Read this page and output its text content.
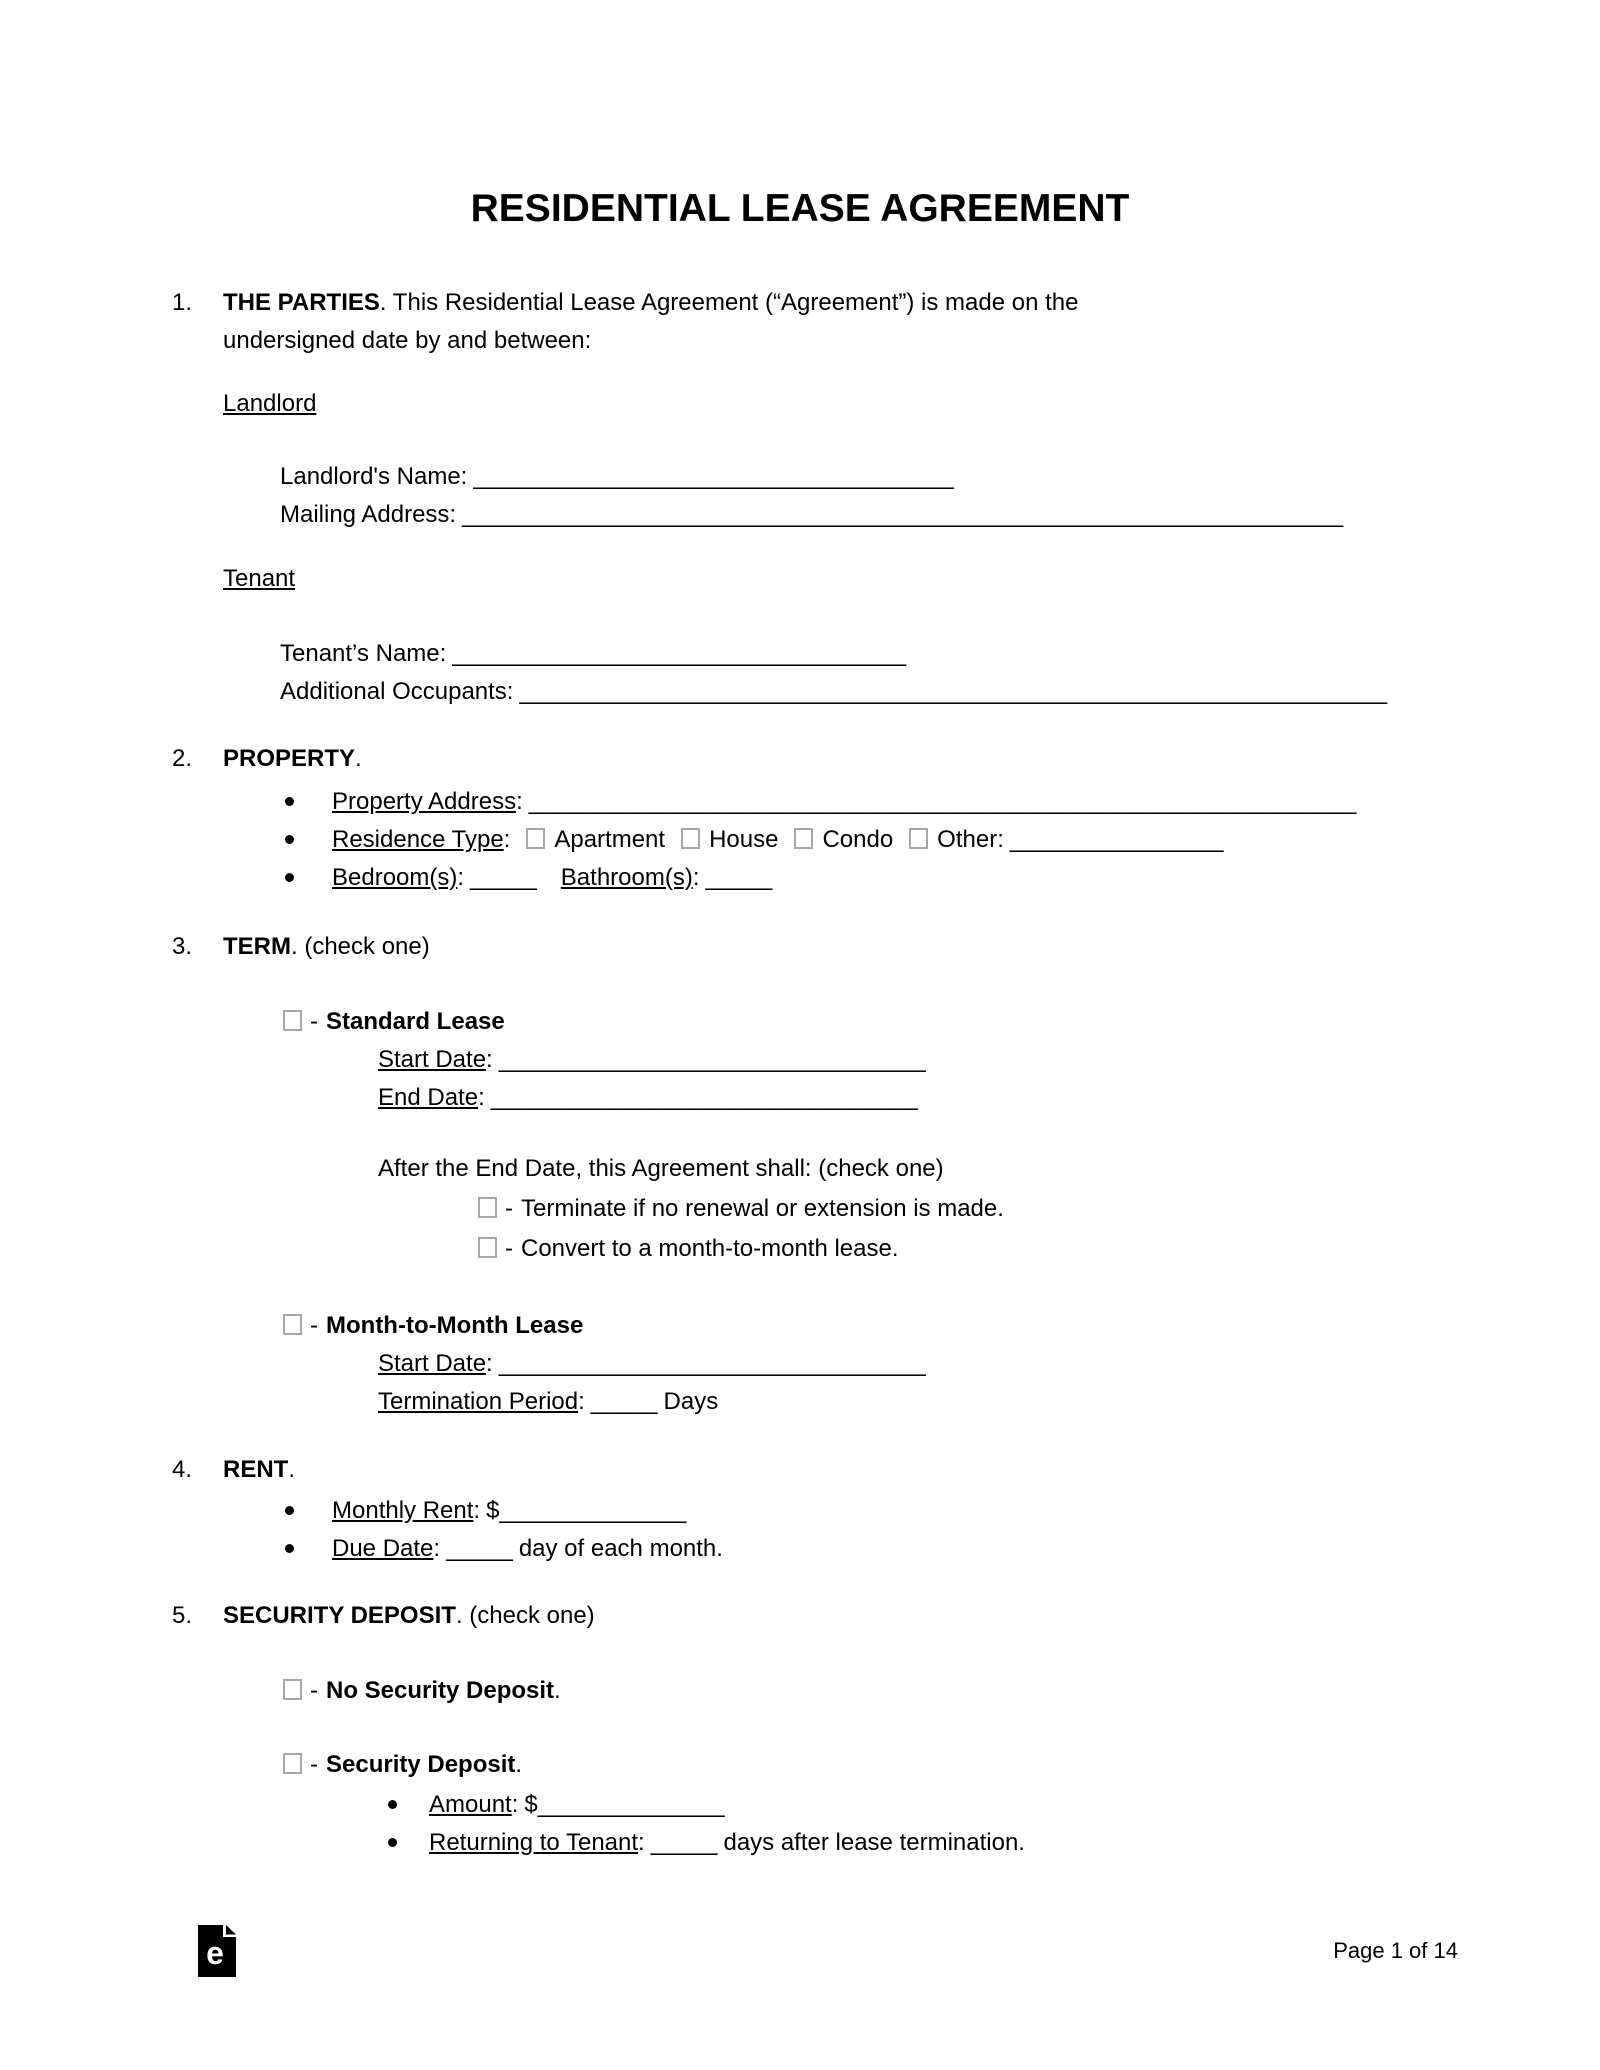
RESIDENTIAL LEASE AGREEMENT
1.	THE PARTIES. This Residential Lease Agreement (“Agreement”) is made on the
undersigned date by and between:
Landlord
Landlord's Name: ____________________________________
Mailing Address: __________________________________________________________________
Tenant
Tenant’s Name: __________________________________
Additional Occupants: _________________________________________________________________
2.	PROPERTY.
Property Address: ______________________________________________________________
Residence Type: Apartment House Condo Other: ________________
Bedroom(s): _____ Bathroom(s): _____
3.	TERM. (check one)
- Standard Lease
Start Date: ________________________________
End Date: ________________________________
After the End Date, this Agreement shall: (check one)
- Terminate if no renewal or extension is made.
- Convert to a month-to-month lease.
- Month-to-Month Lease
Start Date: ________________________________
Termination Period: _____ Days
4.	RENT.
Monthly Rent: $______________
Due Date: _____ day of each month.
5.	SECURITY DEPOSIT. (check one)
- No Security Deposit.
- Security Deposit.
Amount: $______________
Returning to Tenant: _____ days after lease termination.
e	Page 1 of 14
